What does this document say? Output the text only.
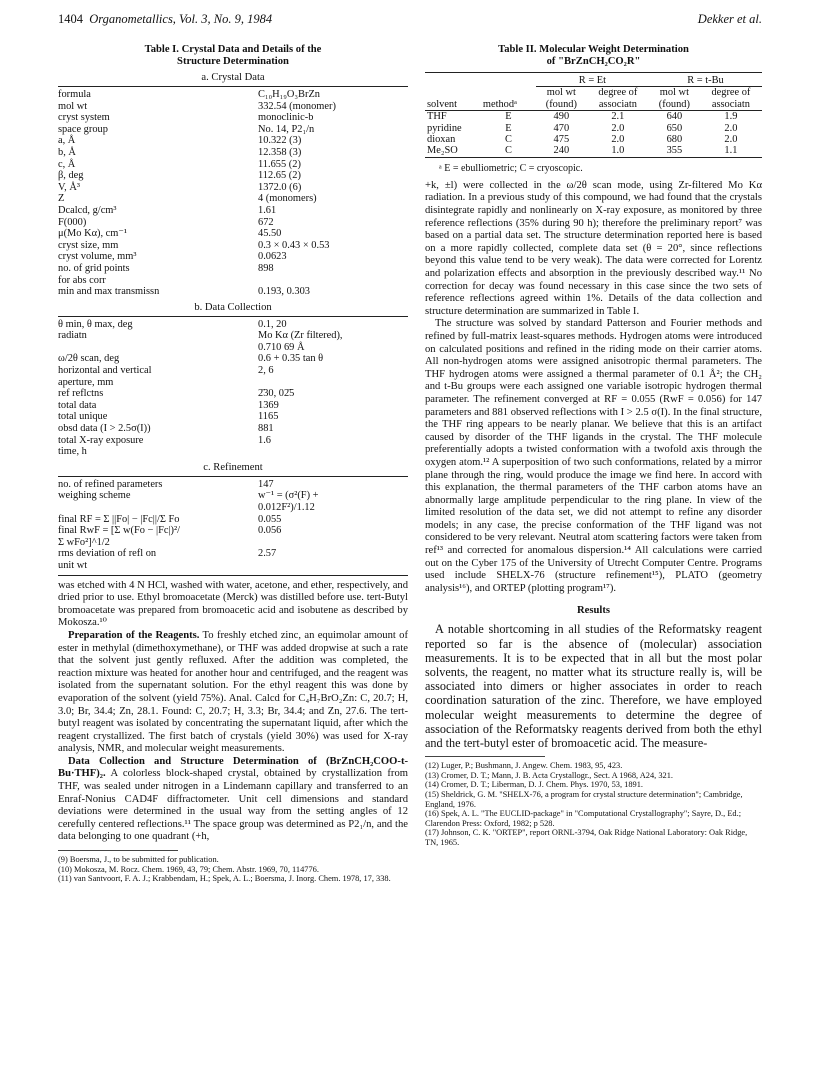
1404 Organometallics, Vol. 3, No. 9, 1984	Dekker et al.
Table I. Crystal Data and Details of the
Structure Determination
a. Crystal Data
formula	C₁₀H₁₉O₃BrZn
mol wt	332.54 (monomer)
cryst system	monoclinic-b
space group	No. 14, P2₁/n
a, Å	10.322 (3)
b, Å	12.358 (3)
c, Å	11.655 (2)
β, deg	112.65 (2)
V, Å³	1372.0 (6)
Z	4 (monomers)
Dcalcd, g/cm³	1.61
F(000)	672
μ(Mo Kα), cm⁻¹	45.50
cryst size, mm	0.3 × 0.43 × 0.53
cryst volume, mm³	0.0623
no. of grid points	898
for abs corr
min and max transmissn	0.193, 0.303
b. Data Collection
θ min, θ max, deg	0.1, 20
radiatn	Mo Kα (Zr filtered),
0.710 69 Å
ω/2θ scan, deg	0.6 + 0.35 tan θ
horizontal and vertical	2, 6
aperture, mm
ref reflctns	2̄30, 02̄5
total data	1369
total unique	1165
obsd data (I > 2.5σ(I))	881
total X-ray exposure	1.6
time, h
c. Refinement
no. of refined parameters	147
weighing scheme	w⁻¹ = (σ²(F) +
0.012F²)/1.12
final RF = Σ ||Fo| − |Fc||/Σ Fo	0.055
final RwF = [Σ w(Fo − |Fc|)²/	0.056
Σ wFo²]^1/2
rms deviation of refl on	2.57
unit wt

was etched with 4 N HCl, washed with water, acetone, and ether, respectively, and dried prior to use. Ethyl bromoacetate (Merck) was distilled before use. tert-Butyl bromoacetate was prepared from bromoacetic acid and isobutene as described by Mokosza.¹⁰

Preparation of the Reagents. To freshly etched zinc, an equimolar amount of ester in methylal (dimethoxymethane), or THF was added dropwise at such a rate that the solvent just gently refluxed. After the addition was completed, the reaction mixture was heated for another hour and centrifuged, and the reagent was isolated from the supernatant solution. For the ethyl reagent this was done by evaporation of the solvent (yield 75%). Anal. Calcd for C₄H₇BrO₂Zn: C, 20.7; H, 3.0; Br, 34.4; Zn, 28.1. Found: C, 20.7; H, 3.3; Br, 34.4; and Zn, 27.6. The tert-butyl reagent was isolated by concentrating the supernatant liquid, after which the reagent crystallized. The first batch of crystals (yield 30%) was used for X-ray analysis, NMR, and molecular weight measurements.

Data Collection and Structure Determination of (BrZnCH₂COO-t-Bu·THF)₂. A colorless block-shaped crystal, obtained by crystallization from THF, was sealed under nitrogen in a Lindemann capillary and transferred to an Enraf-Nonius CAD4F diffractometer. Unit cell dimensions and standard deviations were determined in the usual way from the setting angles of 12 cerefully centered reflections.¹¹ The space group was determined as P2₁/n, and the data belonging to one quadrant (+h,

(9) Boersma, J., to be submitted for publication.

(10) Mokosza, M. Rocz. Chem. 1969, 43, 79; Chem. Abstr. 1969, 70, 114776.

(11) van Santvoort, F. A. J.; Krabbendam, H.; Spek, A. L.; Boersma, J. Inorg. Chem. 1978, 17, 338.

Table II. Molecular Weight Determination
of "BrZnCH₂CO₂R"

		R = Et		R = t-Bu	
		mol wt	degree of	mol wt	degree of
solvent	methodᵃ	(found)	associatn	(found)	associatn
THF	E	490	2.1	640	1.9
pyridine	E	470	2.0	650	2.0
dioxan	C	475	2.0	680	2.0
Me₂SO	C	240	1.0	355	1.1

ᵃ E = ebulliometric; C = cryoscopic.

+k, ±l) were collected in the ω/2θ scan mode, using Zr-filtered Mo Kα radiation. In a previous study of this compound, we had found that the crystals disintegrate rapidly and nonlinearly on X-ray exposure, as monitored by three reference reflections (35% during 90 h); therefore the preliminary report⁷ was based on a partial data set. The structure determination reported here is based on a more rapidly collected, complete data set (θ = 20°, since reflections beyond this value tend to be very weak). The data were corrected for Lorentz and polarization effects and absorption in the previously described way.¹¹ No correction for decay was found necessary in this case since the two sets of reference reflections agreed within 1%. Details of the data collection and structure determination are summarized in Table I.

The structure was solved by standard Patterson and Fourier methods and refined by full-matrix least-squares methods. Hydrogen atoms were introduced on calculated positions and refined in the riding mode on their carrier atoms. All non-hydrogen atoms were assigned anisotropic thermal parameters. The THF hydrogen atoms were assigned a thermal parameter of 0.1 Å²; the CH₂ and t-Bu groups were each assigned one variable isotropic hydrogen thermal parameter. The refinement converged at RF = 0.055 (RwF = 0.056) for 147 parameters and 881 observed reflections with I > 2.5 σ(I). In the final structure, the THF ring appears to be nearly planar. We believe that this is an artifact caused by disorder of the THF ligands in the crystal. The THF molecule preferentially adopts a twisted conformation with a twofold axis through the oxygen atom.¹² A superposition of two such conformations, related by a mirror plane through the ring, would produce the image we find here. In accord with this explanation, the thermal parameters of the THF carbon atoms have an abnormally large amplitude perpendicular to the ring plane. In view of the limited resolution of the data set, we did not attempt to refine any disorder models; in any case, the precise conformation of the THF ligand was not considered to be very relevant. Neutral atom scattering factors were taken from ref¹³ and corrected for anomalous dispersion.¹⁴ All calculations were carried out on the Cyber 175 of the University of Utrecht Computer Centre. Programs used include SHELX-76 (structure refinement¹⁵), PLATO (geometry analysis¹⁶), and ORTEP (plotting program¹⁷).

Results

A notable shortcoming in all studies of the Reformatsky reagent reported so far is the absence of (molecular) association measurements. It is to be expected that in all but the most polar solvents, the reagent, no matter what its structure really is, will be associated into dimers or higher associates in order to reach coordination saturation of the zinc. Therefore, we have employed molecular weight measurements to determine the degree of association of the Reformatsky reagents derived from both the ethyl and the tert-butyl ester of bromoacetic acid. The measure-

(12) Luger, P.; Bushmann, J. Angew. Chem. 1983, 95, 423.

(13) Cromer, D. T.; Mann, J. B. Acta Crystallogr., Sect. A 1968, A24, 321.

(14) Cromer, D. T.; Liberman, D. J. Chem. Phys. 1970, 53, 1891.

(15) Sheldrick, G. M. "SHELX-76, a program for crystal structure determination"; Cambridge, England, 1976.

(16) Spek, A. L. "The EUCLID-package" in "Computational Crystallography"; Sayre, D., Ed.; Clarendon Press: Oxford, 1982; p 528.

(17) Johnson, C. K. "ORTEP", report ORNL-3794, Oak Ridge National Laboratory: Oak Ridge, TN, 1965.
